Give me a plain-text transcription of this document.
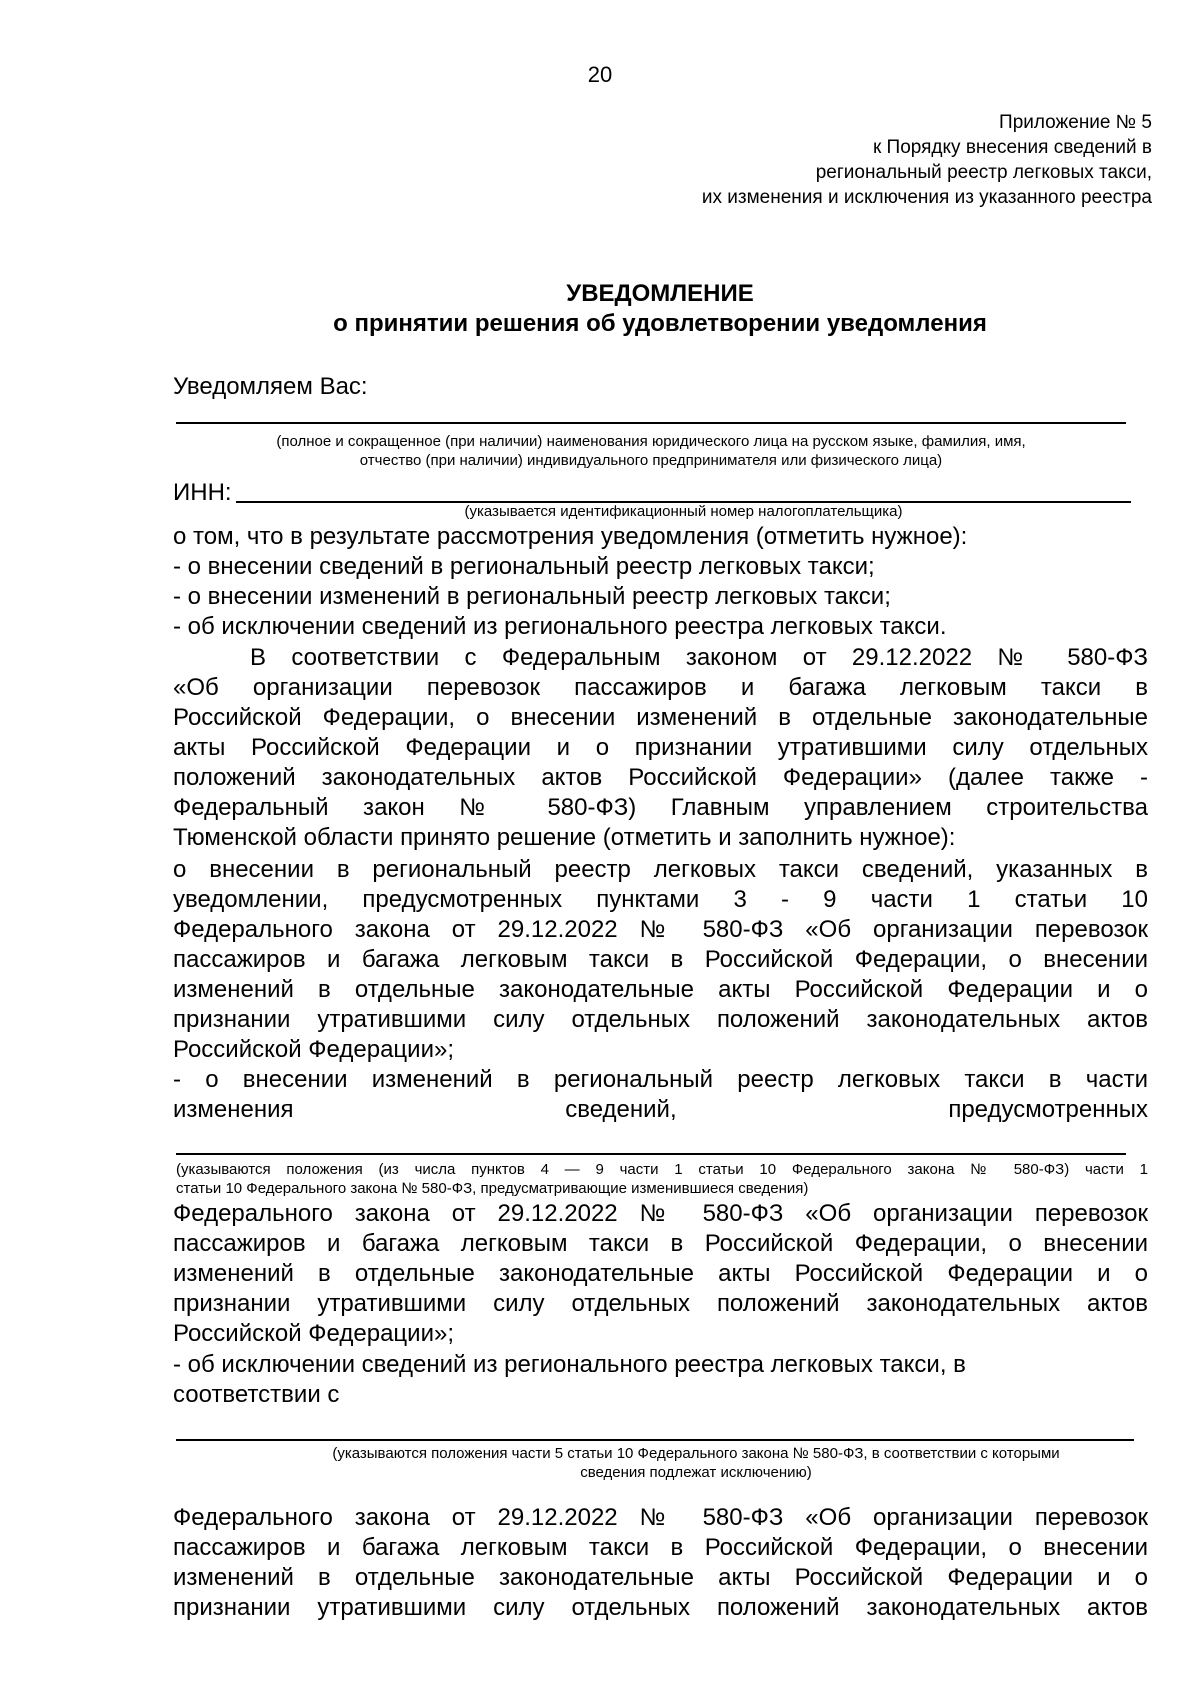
20
Приложение № 5
к Порядку внесения сведений в
региональный реестр легковых такси,
их изменения и исключения из указанного реестра
УВЕДОМЛЕНИЕ
о принятии решения об удовлетворении уведомления
Уведомляем Вас:
(полное и сокращенное (при наличии) наименования юридического лица на русском языке, фамилия, имя,
отчество (при наличии) индивидуального предпринимателя или физического лица)
ИНН:
(указывается идентификационный номер налогоплательщика)
о том, что в результате рассмотрения уведомления (отметить нужное):
- о внесении сведений в региональный реестр легковых такси;
- о внесении изменений в региональный реестр легковых такси;
- об исключении сведений из регионального реестра легковых такси.
В соответствии с Федеральным законом от 29.12.2022 № 580-ФЗ
«Об организации перевозок пассажиров и багажа легковым такси в
Российской Федерации, о внесении изменений в отдельные законодательные
акты Российской Федерации и о признании утратившими силу отдельных
положений законодательных актов Российской Федерации» (далее также -
Федеральный закон № 580-ФЗ) Главным управлением строительства
Тюменской области принято решение (отметить и заполнить нужное):
о внесении в региональный реестр легковых такси сведений, указанных в
уведомлении, предусмотренных пунктами 3 - 9 части 1 статьи 10
Федерального закона от 29.12.2022 № 580-ФЗ «Об организации перевозок
пассажиров и багажа легковым такси в Российской Федерации, о внесении
изменений в отдельные законодательные акты Российской Федерации и о
признании утратившими силу отдельных положений законодательных актов
Российской Федерации»;
- о внесении изменений в региональный реестр легковых такси в части
изменения сведений, предусмотренных
(указываются положения (из числа пунктов 4 — 9 части 1 статьи 10 Федерального закона № 580-ФЗ) части 1
статьи 10 Федерального закона № 580-ФЗ, предусматривающие изменившиеся сведения)
Федерального закона от 29.12.2022 № 580-ФЗ «Об организации перевозок
пассажиров и багажа легковым такси в Российской Федерации, о внесении
изменений в отдельные законодательные акты Российской Федерации и о
признании утратившими силу отдельных положений законодательных актов
Российской Федерации»;
- об исключении сведений из регионального реестра легковых такси, в
соответствии с
(указываются положения части 5 статьи 10 Федерального закона № 580-ФЗ, в соответствии с которыми
сведения подлежат исключению)
Федерального закона от 29.12.2022 № 580-ФЗ «Об организации перевозок
пассажиров и багажа легковым такси в Российской Федерации, о внесении
изменений в отдельные законодательные акты Российской Федерации и о
признании утратившими силу отдельных положений законодательных актов
